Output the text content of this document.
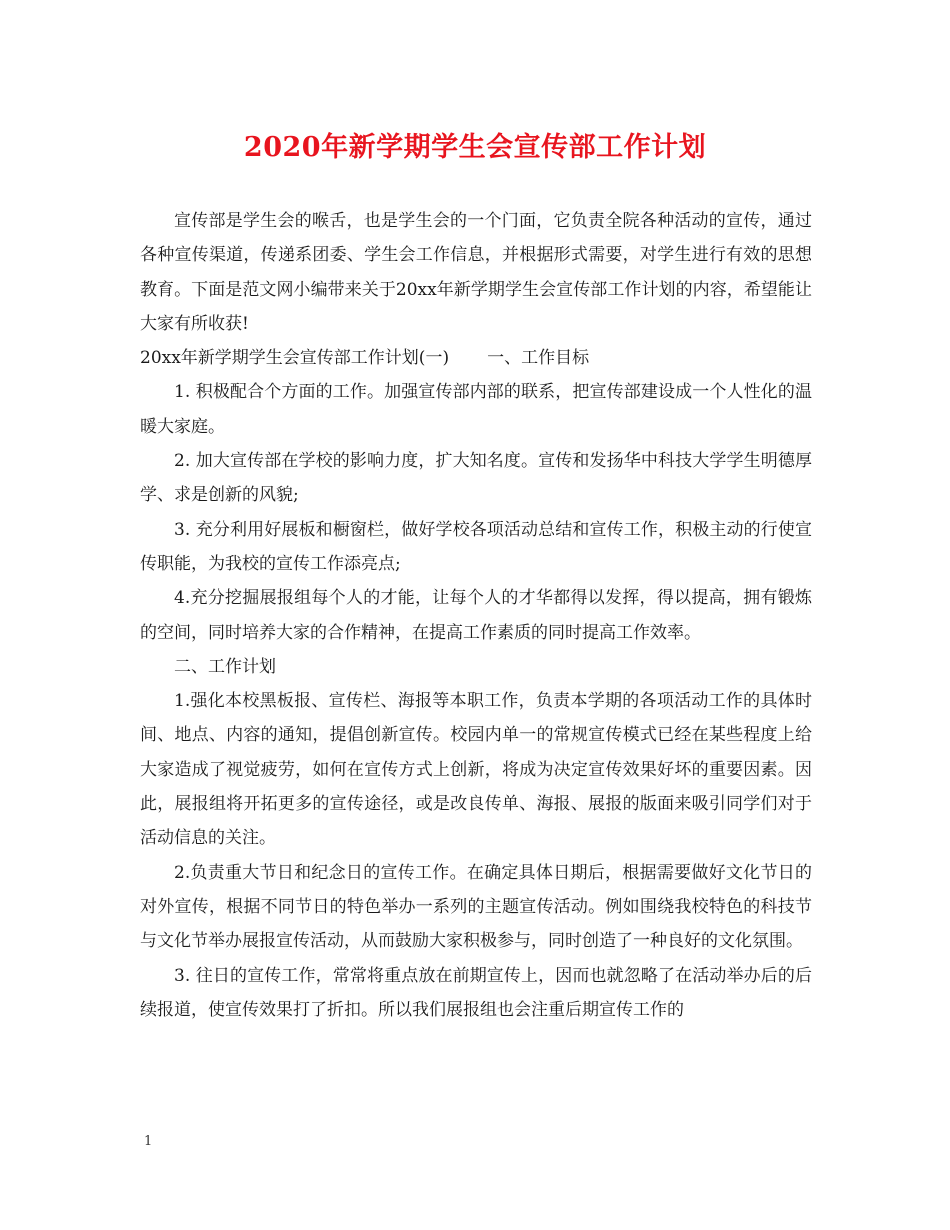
2020年新学期学生会宣传部工作计划

宣传部是学生会的喉舌，也是学生会的一个门面，它负责全院各种活动的宣传，通过各种宣传渠道，传递系团委、学生会工作信息，并根据形式需要，对学生进行有效的思想教育。下面是范文网小编带来关于20xx年新学期学生会宣传部工作计划的内容，希望能让大家有所收获!

20xx年新学期学生会宣传部工作计划(一) 一、工作目标

1. 积极配合个方面的工作。加强宣传部内部的联系，把宣传部建设成一个人性化的温暖大家庭。

2. 加大宣传部在学校的影响力度，扩大知名度。宣传和发扬华中科技大学学生明德厚学、求是创新的风貌;

3. 充分利用好展板和橱窗栏，做好学校各项活动总结和宣传工作，积极主动的行使宣传职能，为我校的宣传工作添亮点;

4.充分挖掘展报组每个人的才能，让每个人的才华都得以发挥，得以提高，拥有锻炼的空间，同时培养大家的合作精神，在提高工作素质的同时提高工作效率。

二、工作计划

1.强化本校黑板报、宣传栏、海报等本职工作，负责本学期的各项活动工作的具体时间、地点、内容的通知，提倡创新宣传。校园内单一的常规宣传模式已经在某些程度上给大家造成了视觉疲劳，如何在宣传方式上创新，将成为决定宣传效果好坏的重要因素。因此，展报组将开拓更多的宣传途径，或是改良传单、海报、展报的版面来吸引同学们对于活动信息的关注。

2.负责重大节日和纪念日的宣传工作。在确定具体日期后，根据需要做好文化节日的对外宣传，根据不同节日的特色举办一系列的主题宣传活动。例如围绕我校特色的科技节与文化节举办展报宣传活动，从而鼓励大家积极参与，同时创造了一种良好的文化氛围。

3. 往日的宣传工作，常常将重点放在前期宣传上，因而也就忽略了在活动举办后的后续报道，使宣传效果打了折扣。所以我们展报组也会注重后期宣传工作的

1
